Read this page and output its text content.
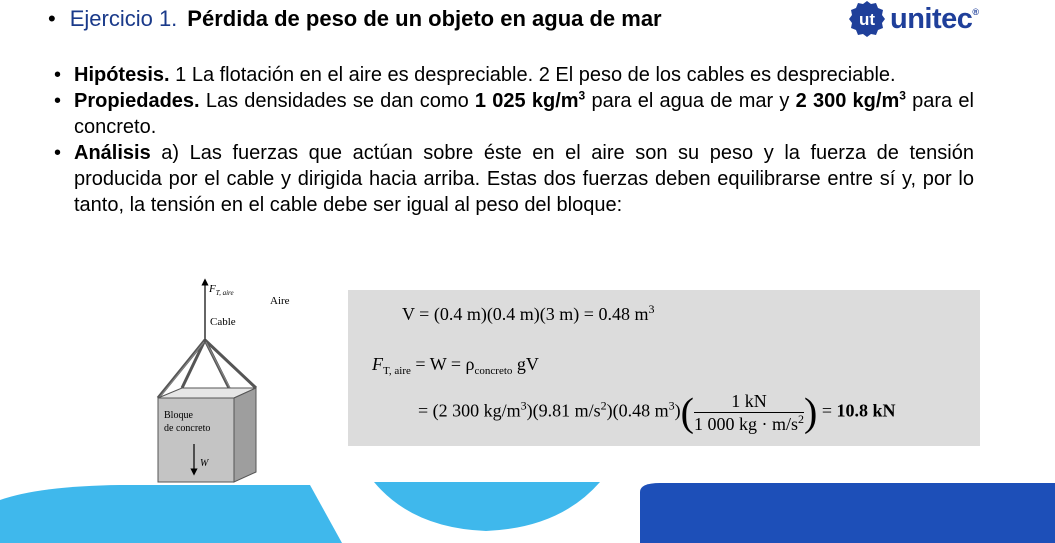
• Ejercicio 1. Pérdida de peso de un objeto en agua de mar	ut unitec®
• Hipótesis. 1 La flotación en el aire es despreciable. 2 El peso de los cables es despreciable.
• Propiedades. Las densidades se dan como 1 025 $kg/m^3$ para el agua de mar y 2 300 $kg/m^3$ para el concreto.
• Análisis a) Las fuerzas que actúan sobre éste en el aire son su peso y la fuerza de tensión producida por el cable y dirigida hacia arriba. Estas dos fuerzas deben equilibrarse entre sí y, por lo tanto, la tensión en el cable debe ser igual al peso del bloque:
$F_{T, aire}$
Aire
Cable
Bloque
de concreto
W
V = (0.4 m)(0.4 m)(3 m) = 0.48 $m^3$
$F_{T, aire} = W = \rho_{concreto}$ gV
= (2 300 $kg/m^3)(9.81$ $m/s^2)(0.48$ $m^3)( \frac{1 kN}{1 000 kg \cdot m/s^2}$ ) = 10.8 kN
